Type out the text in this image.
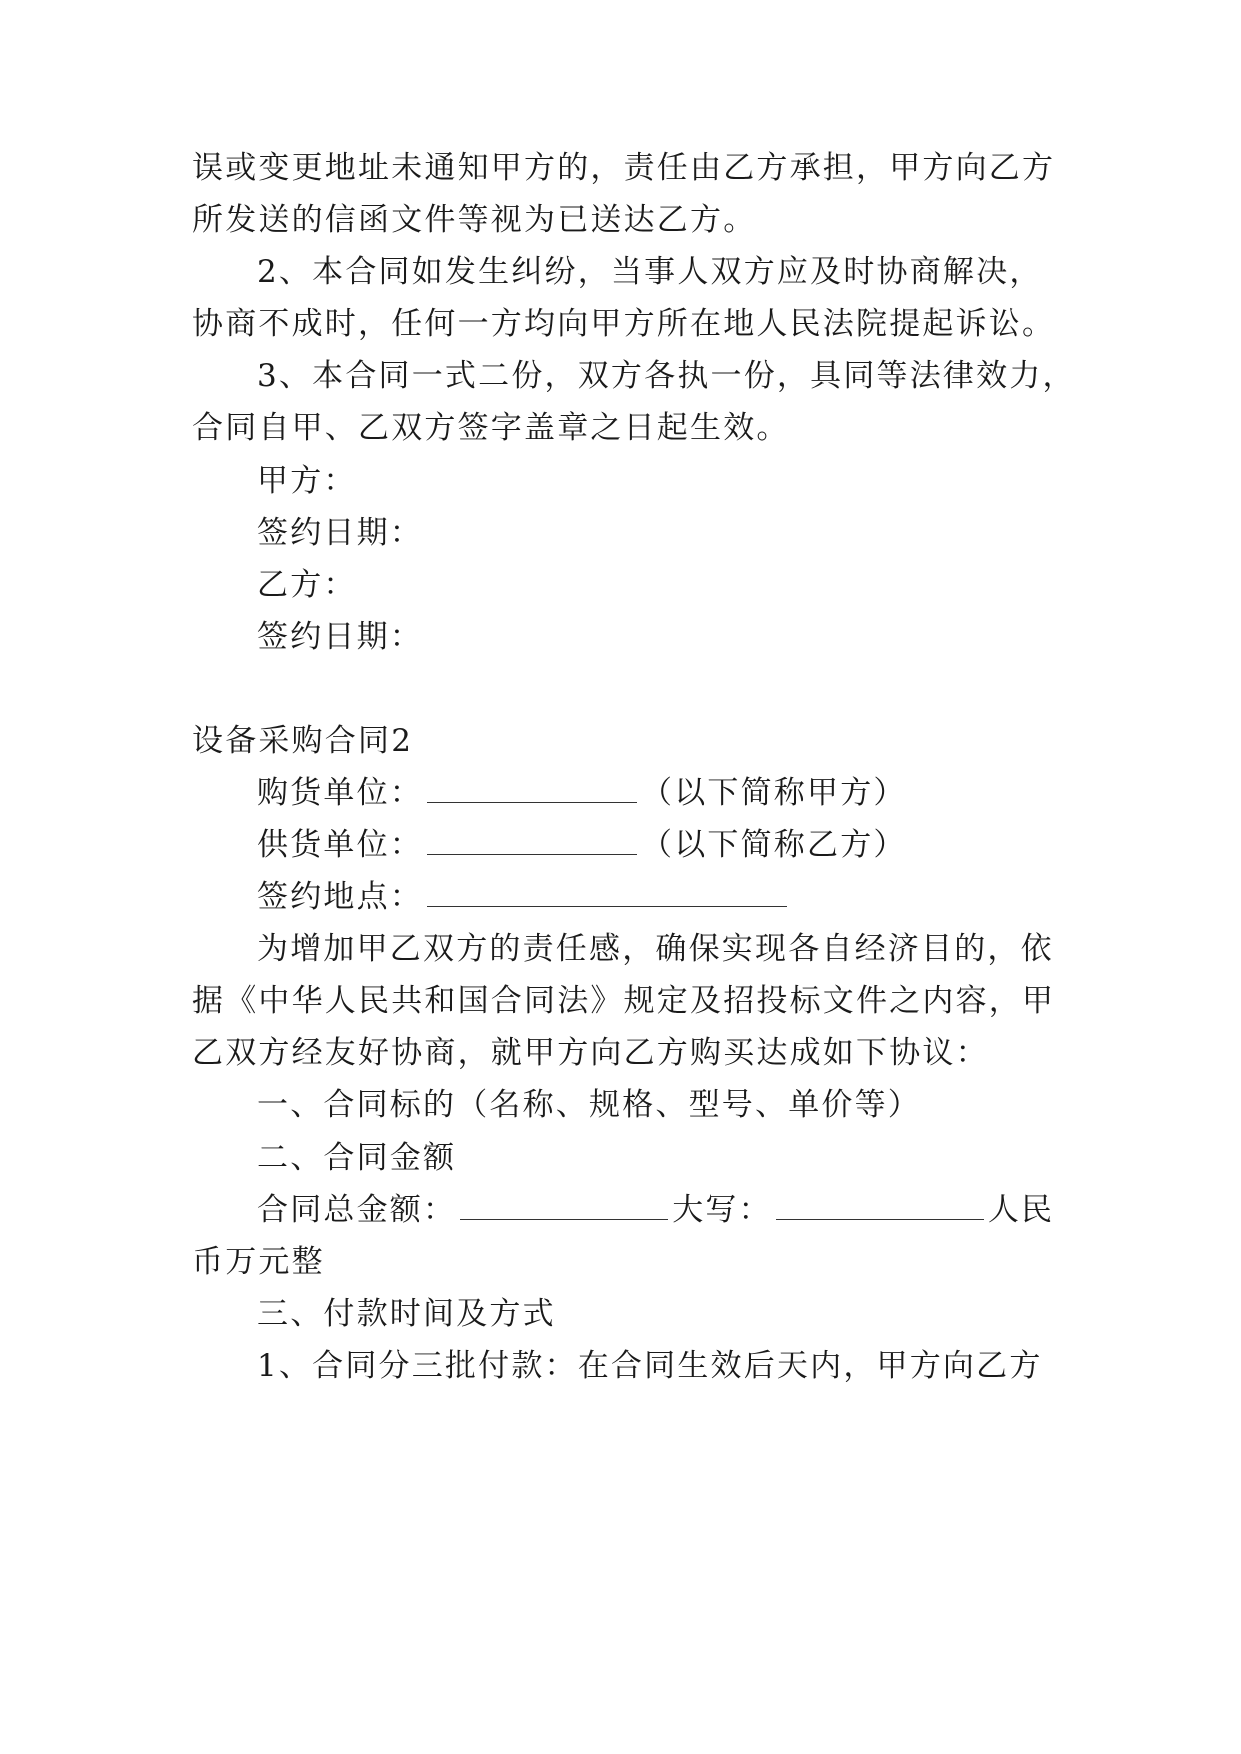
误或变更地址未通知甲方的，责任由乙方承担，甲方向乙方
所发送的信函文件等视为已送达乙方。
2、本合同如发生纠纷，当事人双方应及时协商解决，
协商不成时，任何一方均向甲方所在地人民法院提起诉讼。
3、本合同一式二份，双方各执一份，具同等法律效力，
合同自甲、乙双方签字盖章之日起生效。
甲方：
签约日期：
乙方：
签约日期：
设备采购合同2
购货单位：	（以下简称甲方）
供货单位：	（以下简称乙方）
签约地点：
为增加甲乙双方的责任感，确保实现各自经济目的，依
据《中华人民共和国合同法》规定及招投标文件之内容，甲
乙双方经友好协商，就甲方向乙方购买达成如下协议：
一、合同标的（名称、规格、型号、单价等）
二、合同金额
合同总金额：	大写：	人民
币万元整
三、付款时间及方式
1、合同分三批付款：在合同生效后天内，甲方向乙方
